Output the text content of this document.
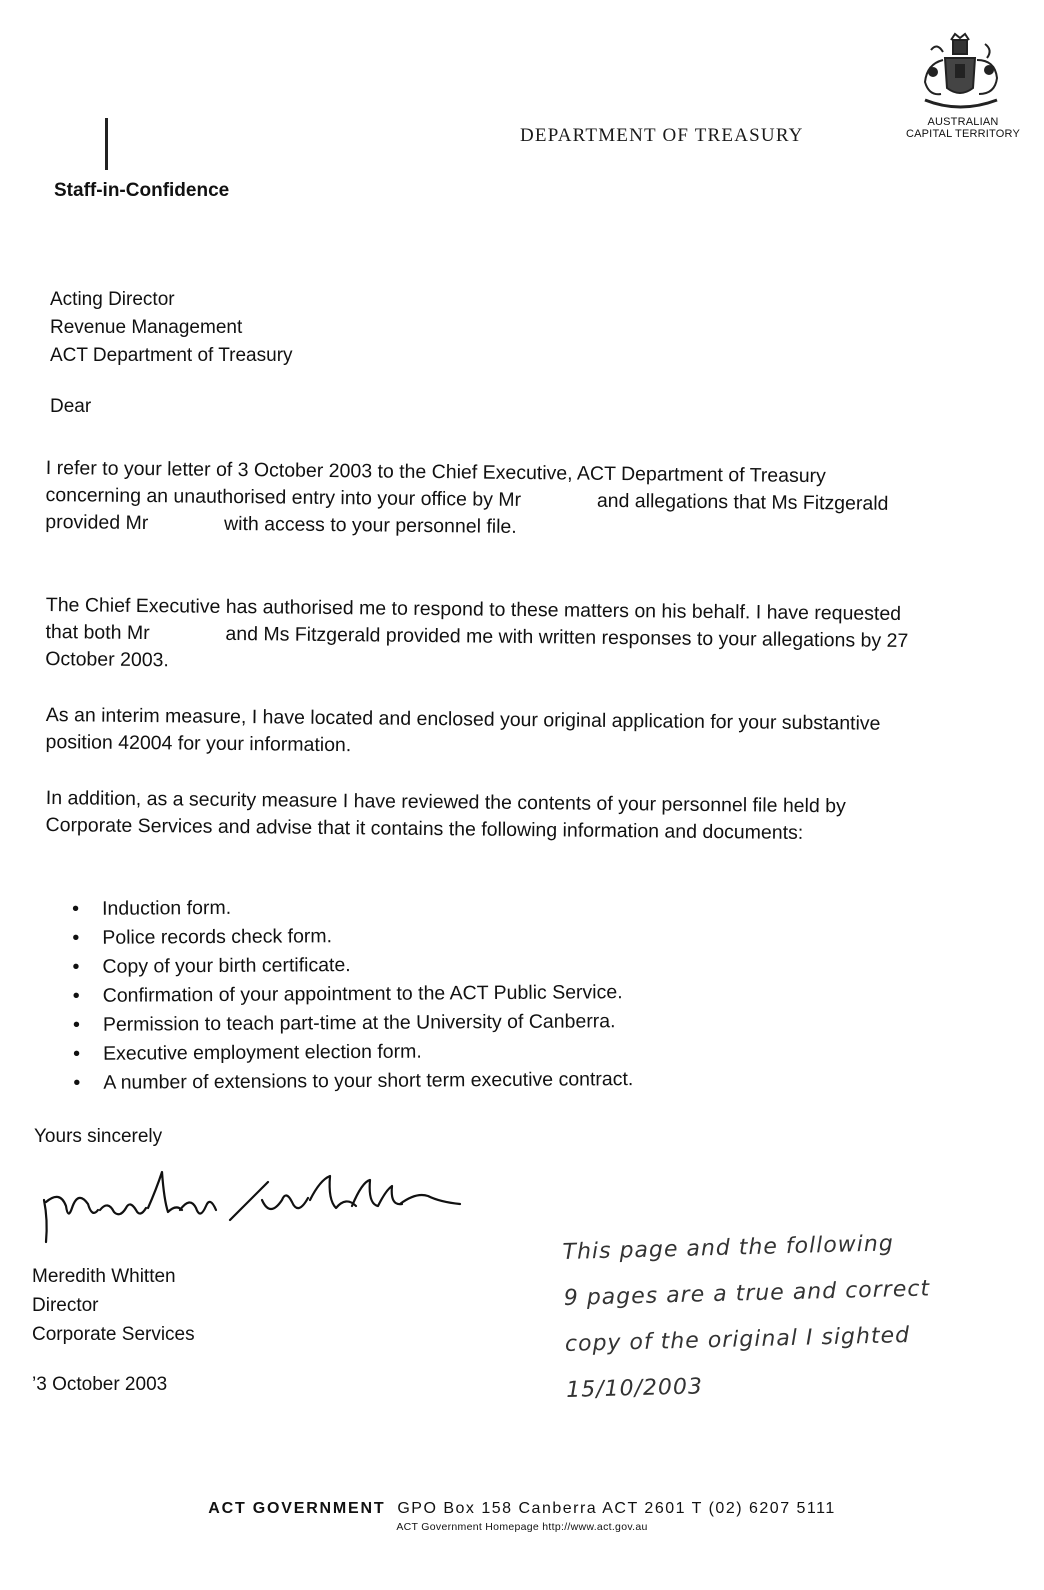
AUSTRALIAN
CAPITAL TERRITORY
DEPARTMENT OF TREASURY
Staff-in-Confidence
Acting Director
Revenue Management
ACT Department of Treasury
Dear
I refer to your letter of 3 October 2003 to the Chief Executive, ACT Department of Treasury concerning an unauthorised entry into your office by Mr              and allegations that Ms Fitzgerald provided Mr              with access to your personnel file.
The Chief Executive has authorised me to respond to these matters on his behalf. I have requested that both Mr              and Ms Fitzgerald provided me with written responses to your allegations by 27 October 2003.
As an interim measure, I have located and enclosed your original application for your substantive position 42004 for your information.
In addition, as a security measure I have reviewed the contents of your personnel file held by Corporate Services and advise that it contains the following information and documents:
• Induction form.
• Police records check form.
• Copy of your birth certificate.
• Confirmation of your appointment to the ACT Public Service.
• Permission to teach part-time at the University of Canberra.
• Executive employment election form.
• A number of extensions to your short term executive contract.
Yours sincerely
Meredith Whitten
Director
Corporate Services
’3 October 2003
This page and the following
9 pages are a true and correct
copy of the original I sighted
15/10/2003
ACT GOVERNMENT GPO Box 158 Canberra ACT 2601 T (02) 6207 5111
ACT Government Homepage http://www.act.gov.au
